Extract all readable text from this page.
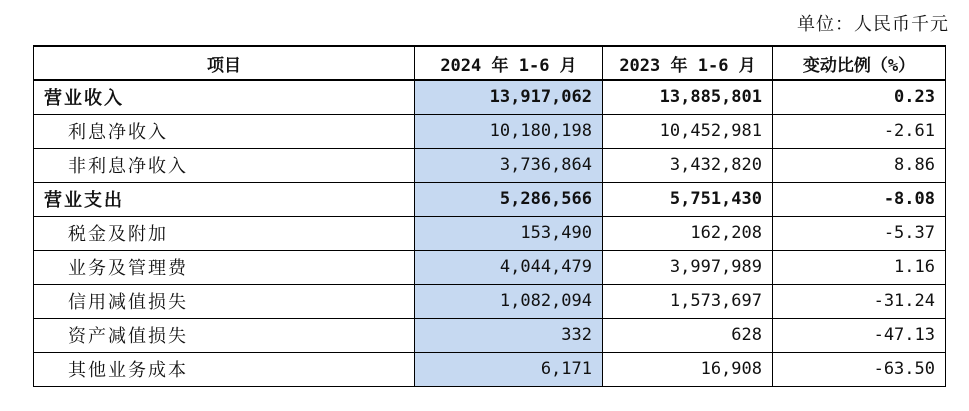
单位：人民币千元
项目	2024 年 1-6 月	2023 年 1-6 月	变动比例（%）
营业收入	13,917,062	13,885,801	0.23
利息净收入	10,180,198	10,452,981	-2.61
非利息净收入	3,736,864	3,432,820	8.86
营业支出	5,286,566	5,751,430	-8.08
税金及附加	153,490	162,208	-5.37
业务及管理费	4,044,479	3,997,989	1.16
信用减值损失	1,082,094	1,573,697	-31.24
资产减值损失	332	628	-47.13
其他业务成本	6,171	16,908	-63.50
